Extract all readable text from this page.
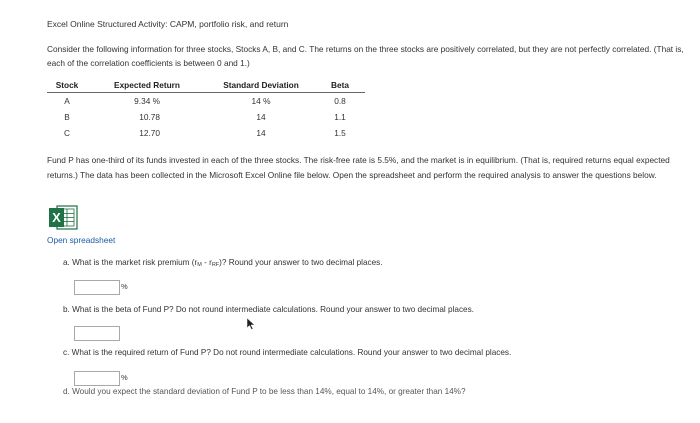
Excel Online Structured Activity: CAPM, portfolio risk, and return
Consider the following information for three stocks, Stocks A, B, and C. The returns on the three stocks are positively correlated, but they are not perfectly correlated. (That is, each of the correlation coefficients is between 0 and 1.)
Stock	Expected Return	Standard Deviation	Beta
A	9.34 %	14 %	0.8
B	10.78	14	1.1
C	12.70	14	1.5
Fund P has one-third of its funds invested in each of the three stocks. The risk-free rate is 5.5%, and the market is in equilibrium. (That is, required returns equal expected returns.) The data has been collected in the Microsoft Excel Online file below. Open the spreadsheet and perform the required analysis to answer the questions below.
X
Open spreadsheet
a. What is the market risk premium (rM - rRF)? Round your answer to two decimal places.
%
b. What is the beta of Fund P? Do not round intermediate calculations. Round your answer to two decimal places.
c. What is the required return of Fund P? Do not round intermediate calculations. Round your answer to two decimal places.
%
d. Would you expect the standard deviation of Fund P to be less than 14%, equal to 14%, or greater than 14%?
